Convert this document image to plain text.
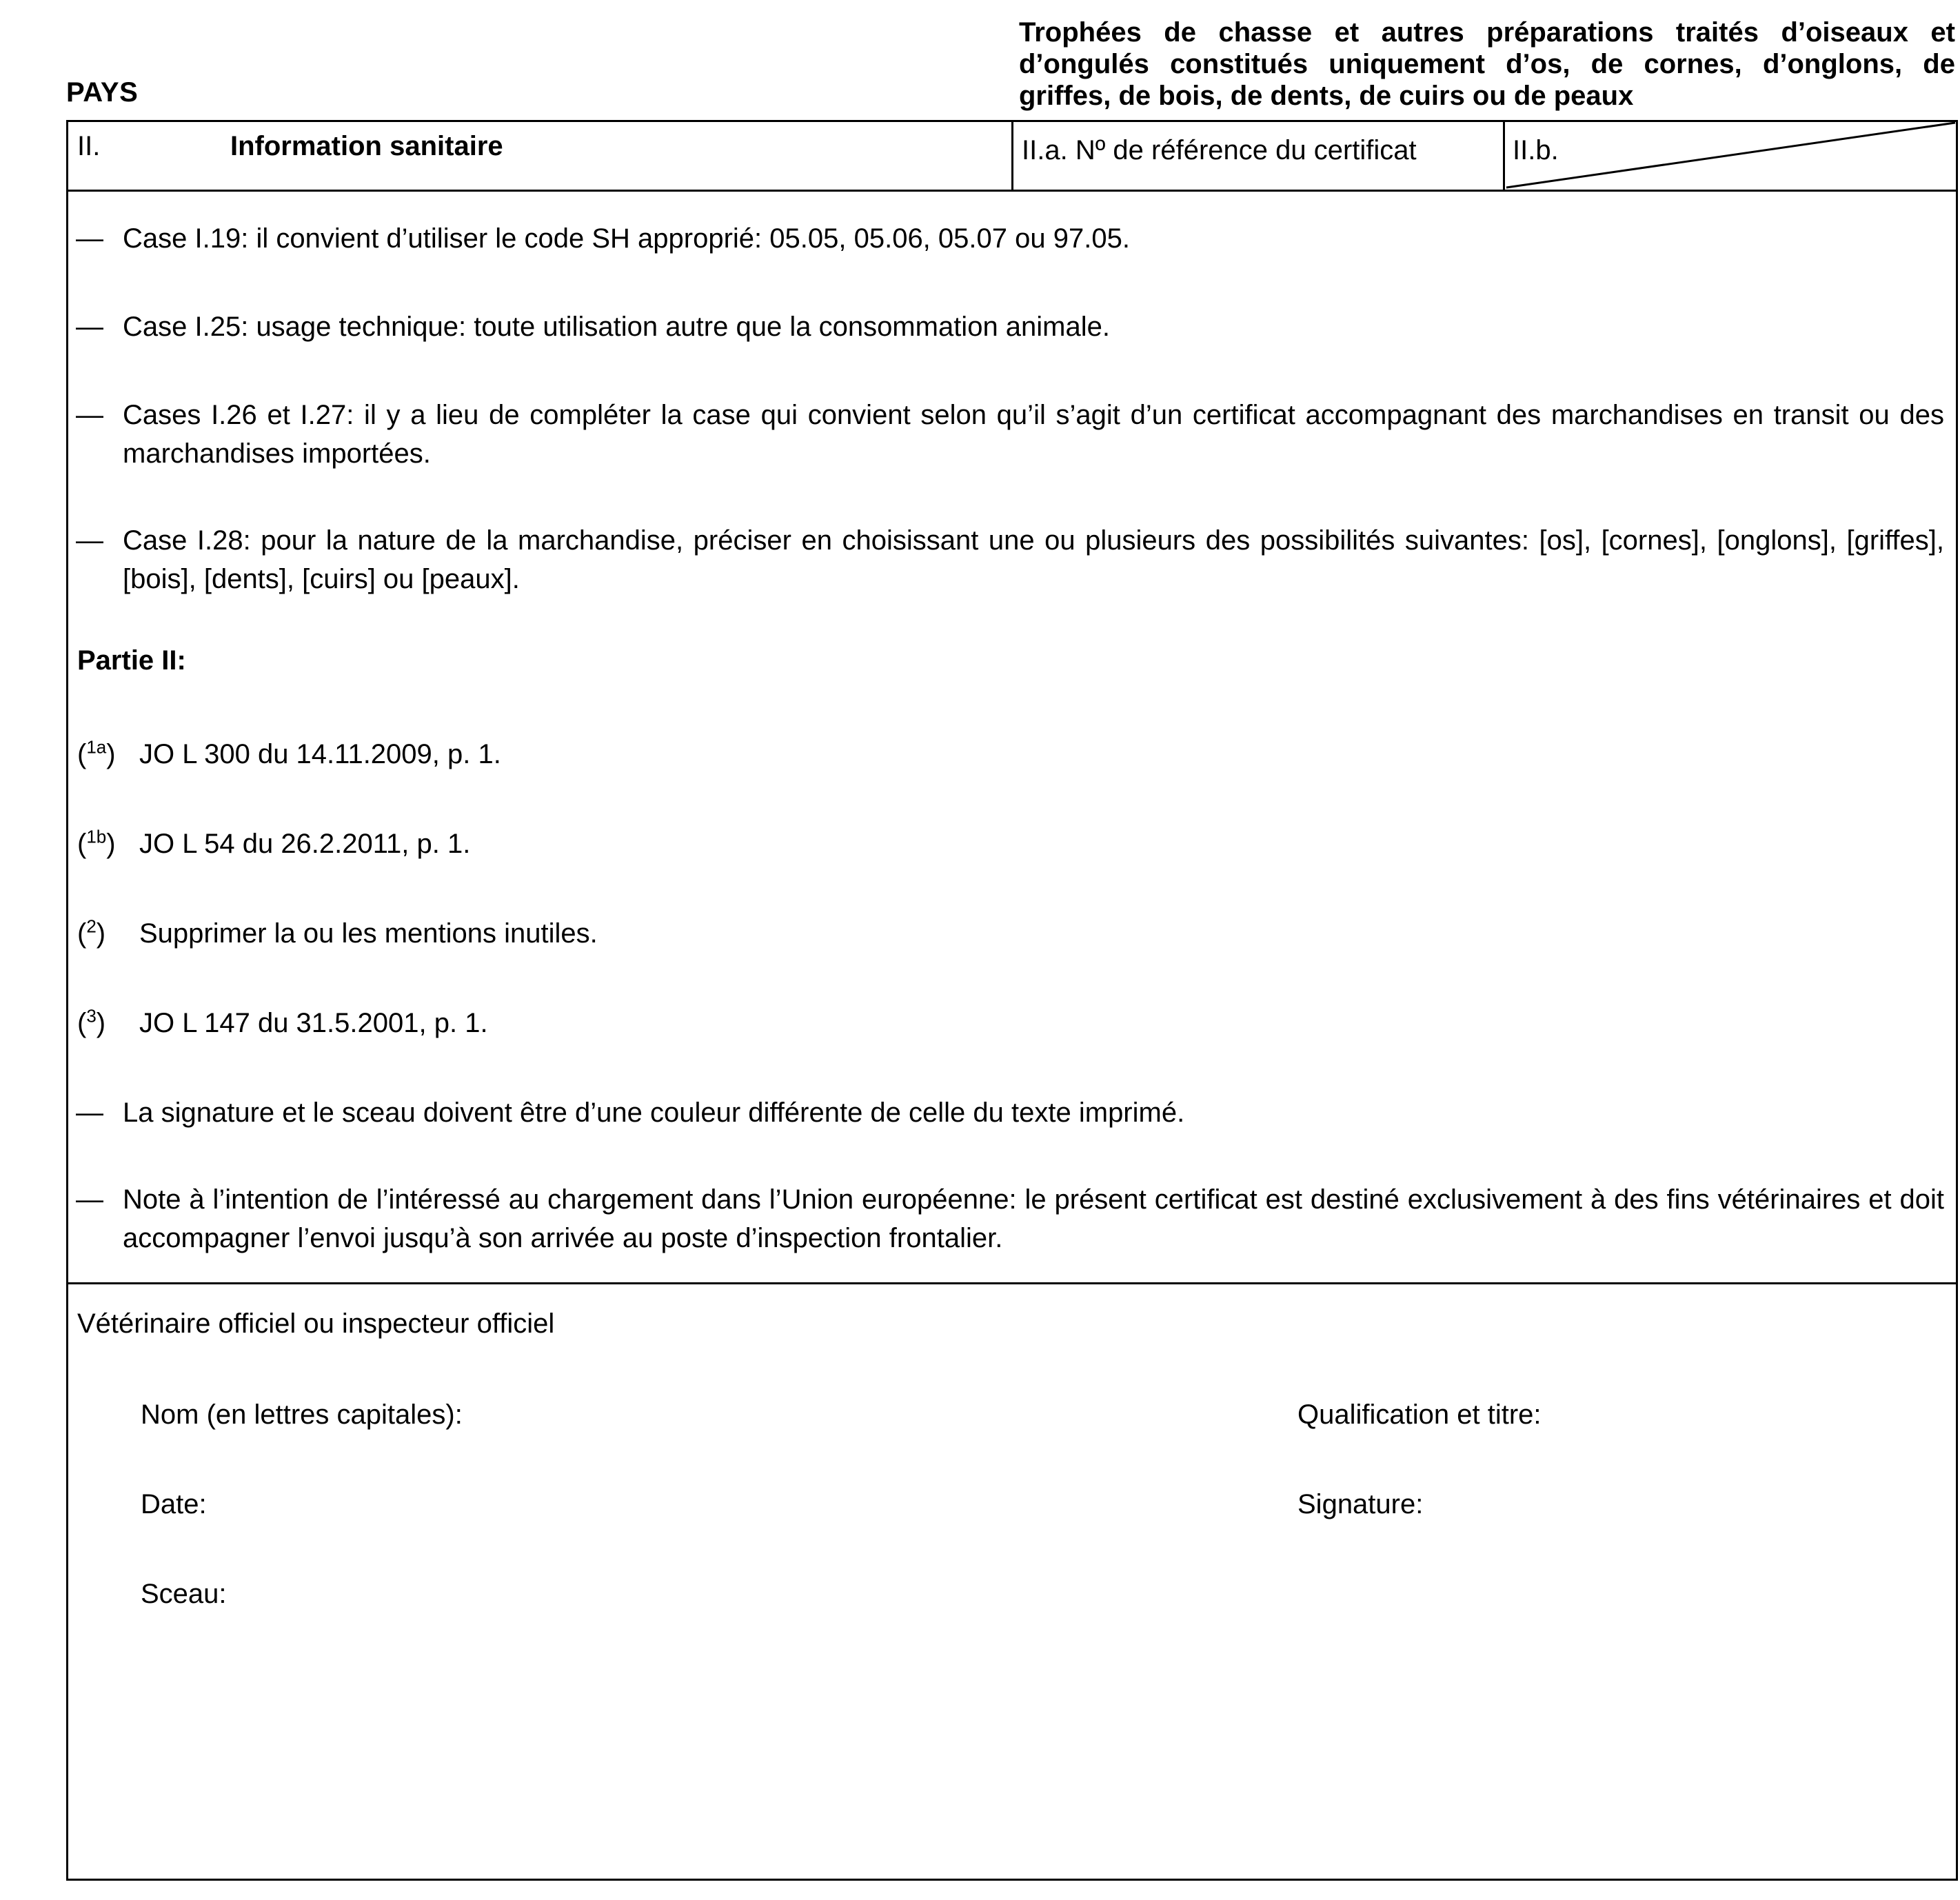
PAYS
Trophées de chasse et autres préparations traités d’oiseaux et d’ongulés constitués uniquement d’os, de cornes, d’onglons, de griffes, de bois, de dents, de cuirs ou de peaux
II.	Information sanitaire	II.a. Nº de référence du certificat	II.b.
— Case I.19: il convient d’utiliser le code SH approprié: 05.05, 05.06, 05.07 ou 97.05.
— Case I.25: usage technique: toute utilisation autre que la consommation animale.
— Cases I.26 et I.27: il y a lieu de compléter la case qui convient selon qu’il s’agit d’un certificat accompagnant des marchandises en transit ou des marchandises importées.
— Case I.28: pour la nature de la marchandise, préciser en choisissant une ou plusieurs des possibilités suivantes: [os], [cornes], [onglons], [griffes], [bois], [dents], [cuirs] ou [peaux].
Partie II:
($^{1a}$) JO L 300 du 14.11.2009, p. 1.
($^{1b}$) JO L 54 du 26.2.2011, p. 1.
($^2$) Supprimer la ou les mentions inutiles.
($^3$) JO L 147 du 31.5.2001, p. 1.
— La signature et le sceau doivent être d’une couleur différente de celle du texte imprimé.
— Note à l’intention de l’intéressé au chargement dans l’Union européenne: le présent certificat est destiné exclusivement à des fins vétérinaires et doit accompagner l’envoi jusqu’à son arrivée au poste d’inspection frontalier.
Vétérinaire officiel ou inspecteur officiel
Nom (en lettres capitales):	Qualification et titre:
Date:	Signature:
Sceau:
